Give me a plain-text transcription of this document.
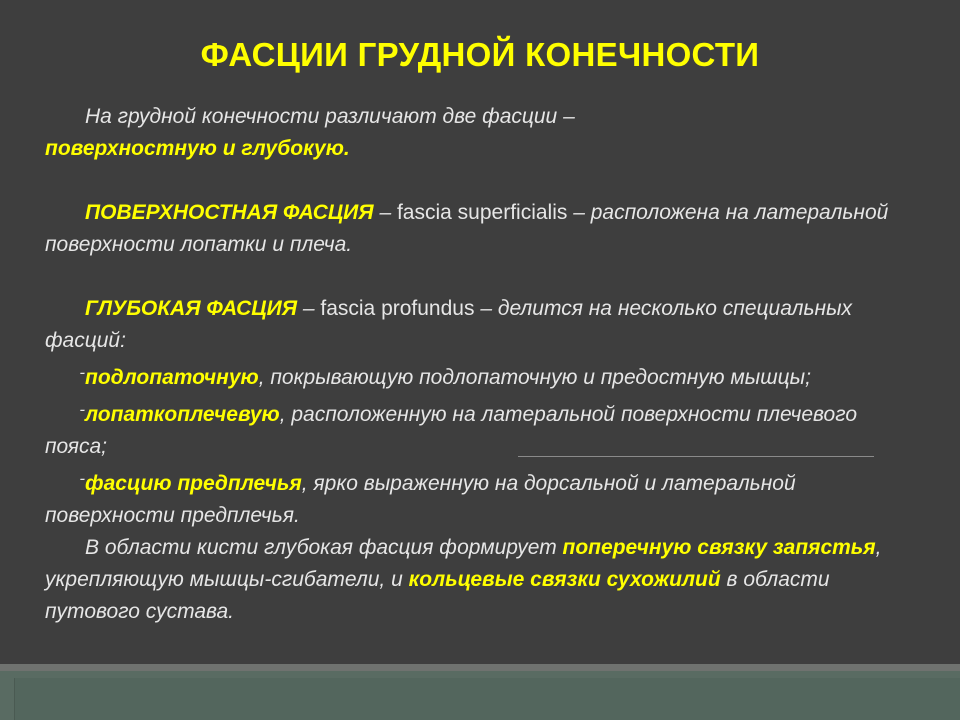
ФАСЦИИ ГРУДНОЙ КОНЕЧНОСТИ

На грудной конечности различают две фасции –
поверхностную и глубокую.

ПОВЕРХНОСТНАЯ ФАСЦИЯ – fascia superficialis – расположена на латеральной поверхности лопатки и плеча.

ГЛУБОКАЯ ФАСЦИЯ – fascia profundus – делится на несколько специальных фасций:

-подлопаточную, покрывающую подлопаточную и предостную мышцы;

-лопаткоплечевую, расположенную на латеральной поверхности плечевого пояса;

-фасцию предплечья, ярко выраженную на дорсальной и латеральной поверхности предплечья.

В области кисти глубокая фасция формирует поперечную связку запястья, укрепляющую мышцы-сгибатели, и кольцевые связки сухожилий в области путового сустава.
